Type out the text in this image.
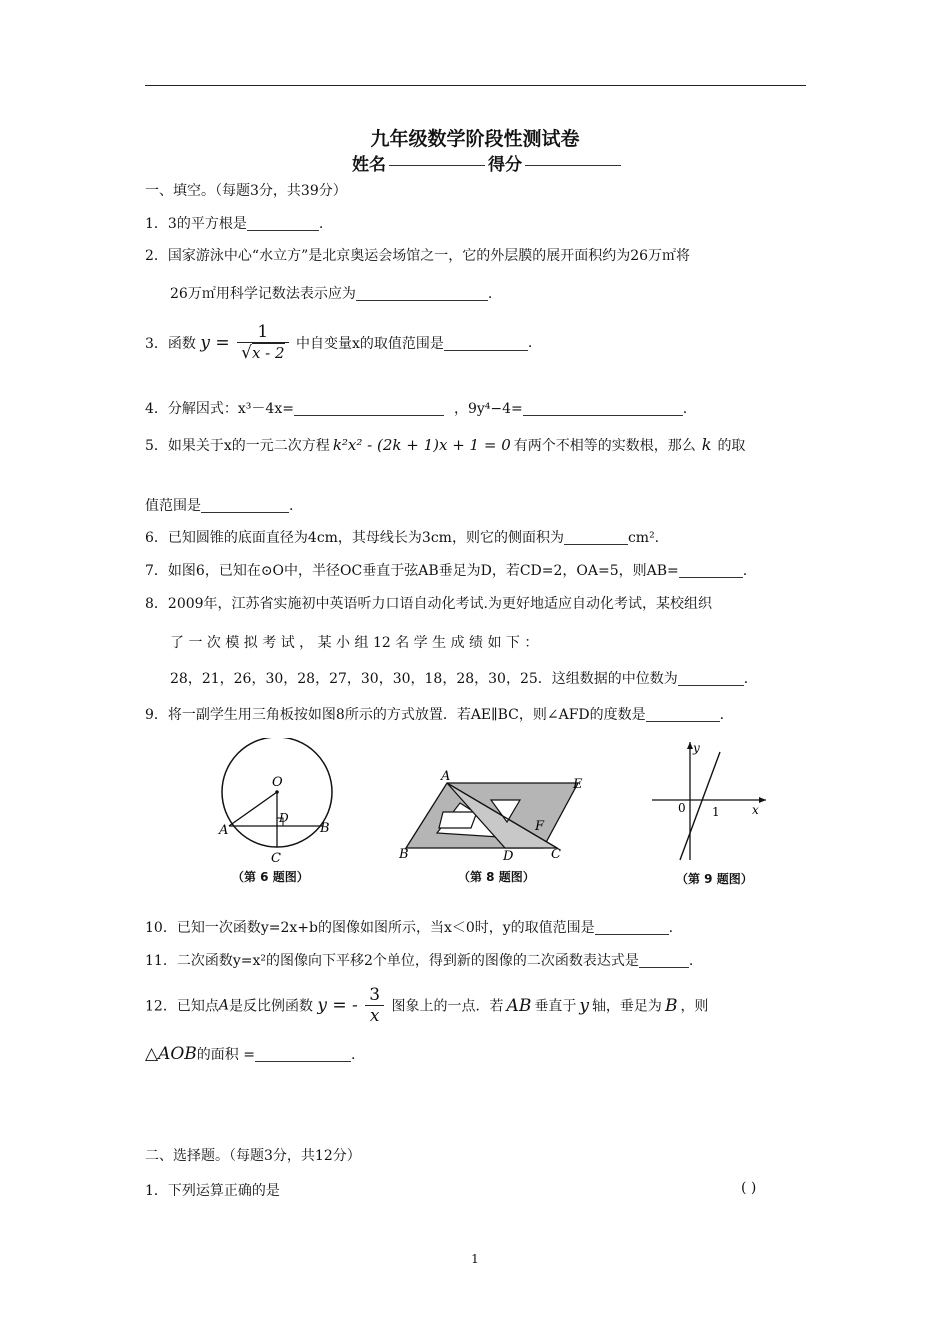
九年级数学阶段性测试卷
姓名	得分
一、填空。（每题3分，共39分）
1．3的平方根是	.
2．国家游泳中心“水立方”是北京奥运会场馆之一，它的外层膜的展开面积约为26万㎡将
26万㎡用科学记数法表示应为	.
3．函数 $y = \frac{1}{√x - 2}$ 中自变量x的取值范围是	.
4．分解因式：x³－4x=	，9y⁴−4=	.
5．如果关于x的一元二次方程 k²x² - (2k + 1)x + 1 = 0 有两个不相等的实数根，那么 k 的取
值范围是	.
6．已知圆锥的底面直径为4cm，其母线长为3cm，则它的侧面积为	cm².
7．如图6，已知在⊙O中，半径OC垂直于弦AB垂足为D，若CD=2，OA=5，则AB=	.
8．2009年，江苏省实施初中英语听力口语自动化考试.为更好地适应自动化考试，某校组织
了 一 次 模 拟 考 试 ， 某 小 组 12 名 学 生 成 绩 如 下 ：
28，21，26，30，28，27，30，30，18，28，30，25．这组数据的中位数为	.
9．将一副学生用三角板按如图8所示的方式放置．若AE∥BC，则∠AFD的度数是	.
O
A	B
D
C
（第 6 题图）
A
E
F
B	D	C
（第 8 题图）
y
x
0 1
（第 9 题图）
10．已知一次函数y=2x+b的图像如图所示，当x＜0时，y的取值范围是	.
11．二次函数y=x²的图像向下平移2个单位，得到新的图像的二次函数表达式是	.
12．已知点A是反比例函数 y = - $\frac{3}{x}$ 图象上的一点．若 AB 垂直于 y 轴，垂足为 B ，则
△AOB的面积 =	.
二、选择题。（每题3分，共12分）
1．下列运算正确的是	( )
1
